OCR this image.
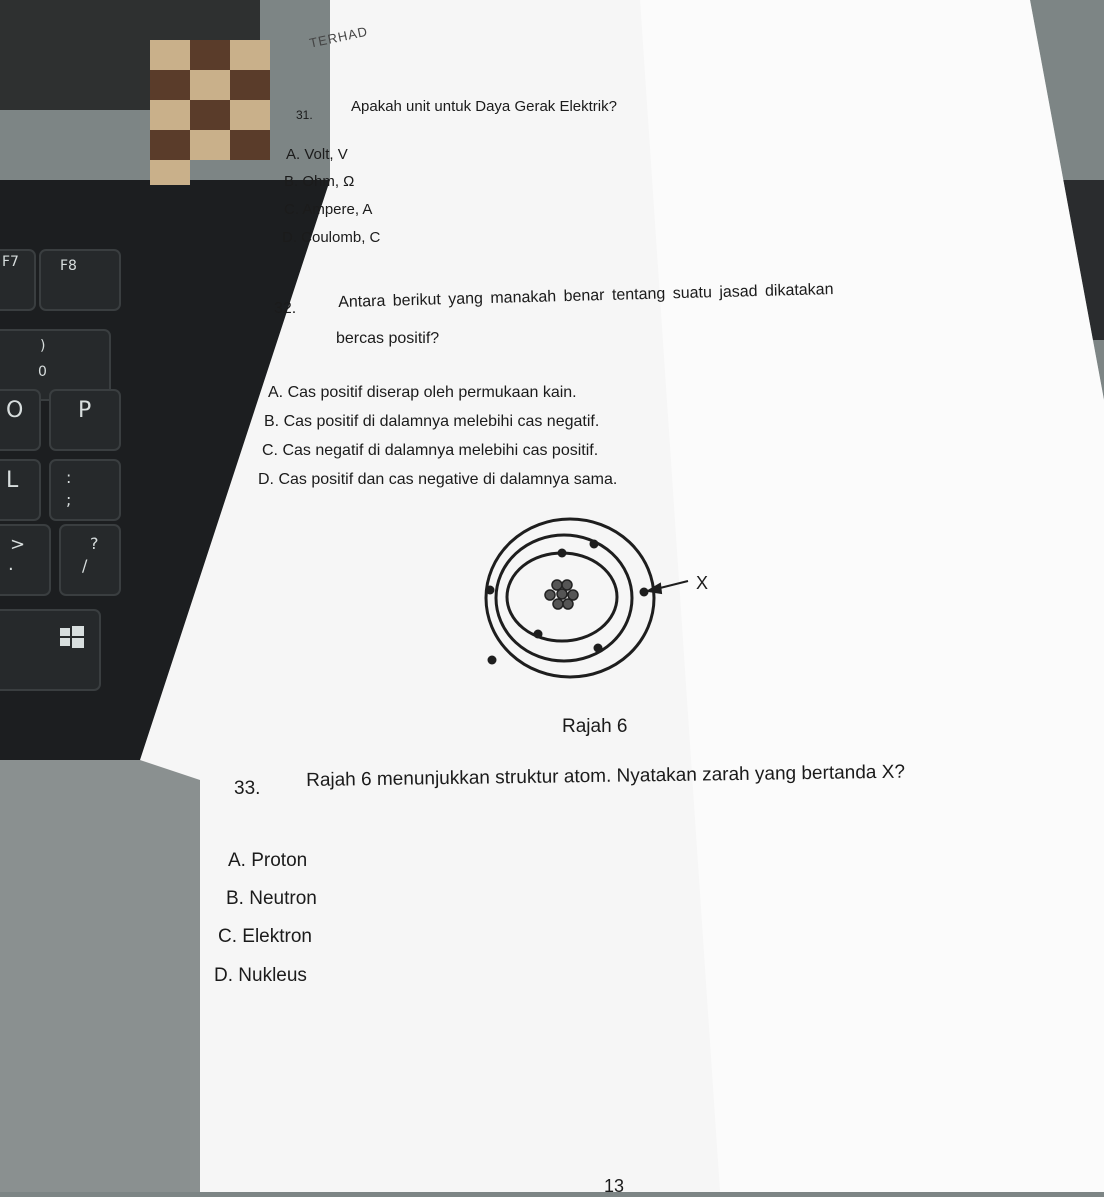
F7	F8
)
0
O P
L	:
;
>
.
?
/
TERHAD
31.	Apakah unit untuk Daya Gerak Elektrik?
A. Volt, V
B. Ohm, Ω
C. Ampere, A
D. Coulomb, C
32.	Antara berikut yang manakah benar tentang suatu jasad dikatakan
bercas positif?
A. Cas positif diserap oleh permukaan kain.
B. Cas positif di dalamnya melebihi cas negatif.
C. Cas negatif di dalamnya melebihi cas positif.
D. Cas positif dan cas negative di dalamnya sama.
X
Rajah 6
33. Rajah 6 menunjukkan struktur atom. Nyatakan zarah yang bertanda X?
A. Proton
B. Neutron
C. Elektron
D. Nukleus
13
